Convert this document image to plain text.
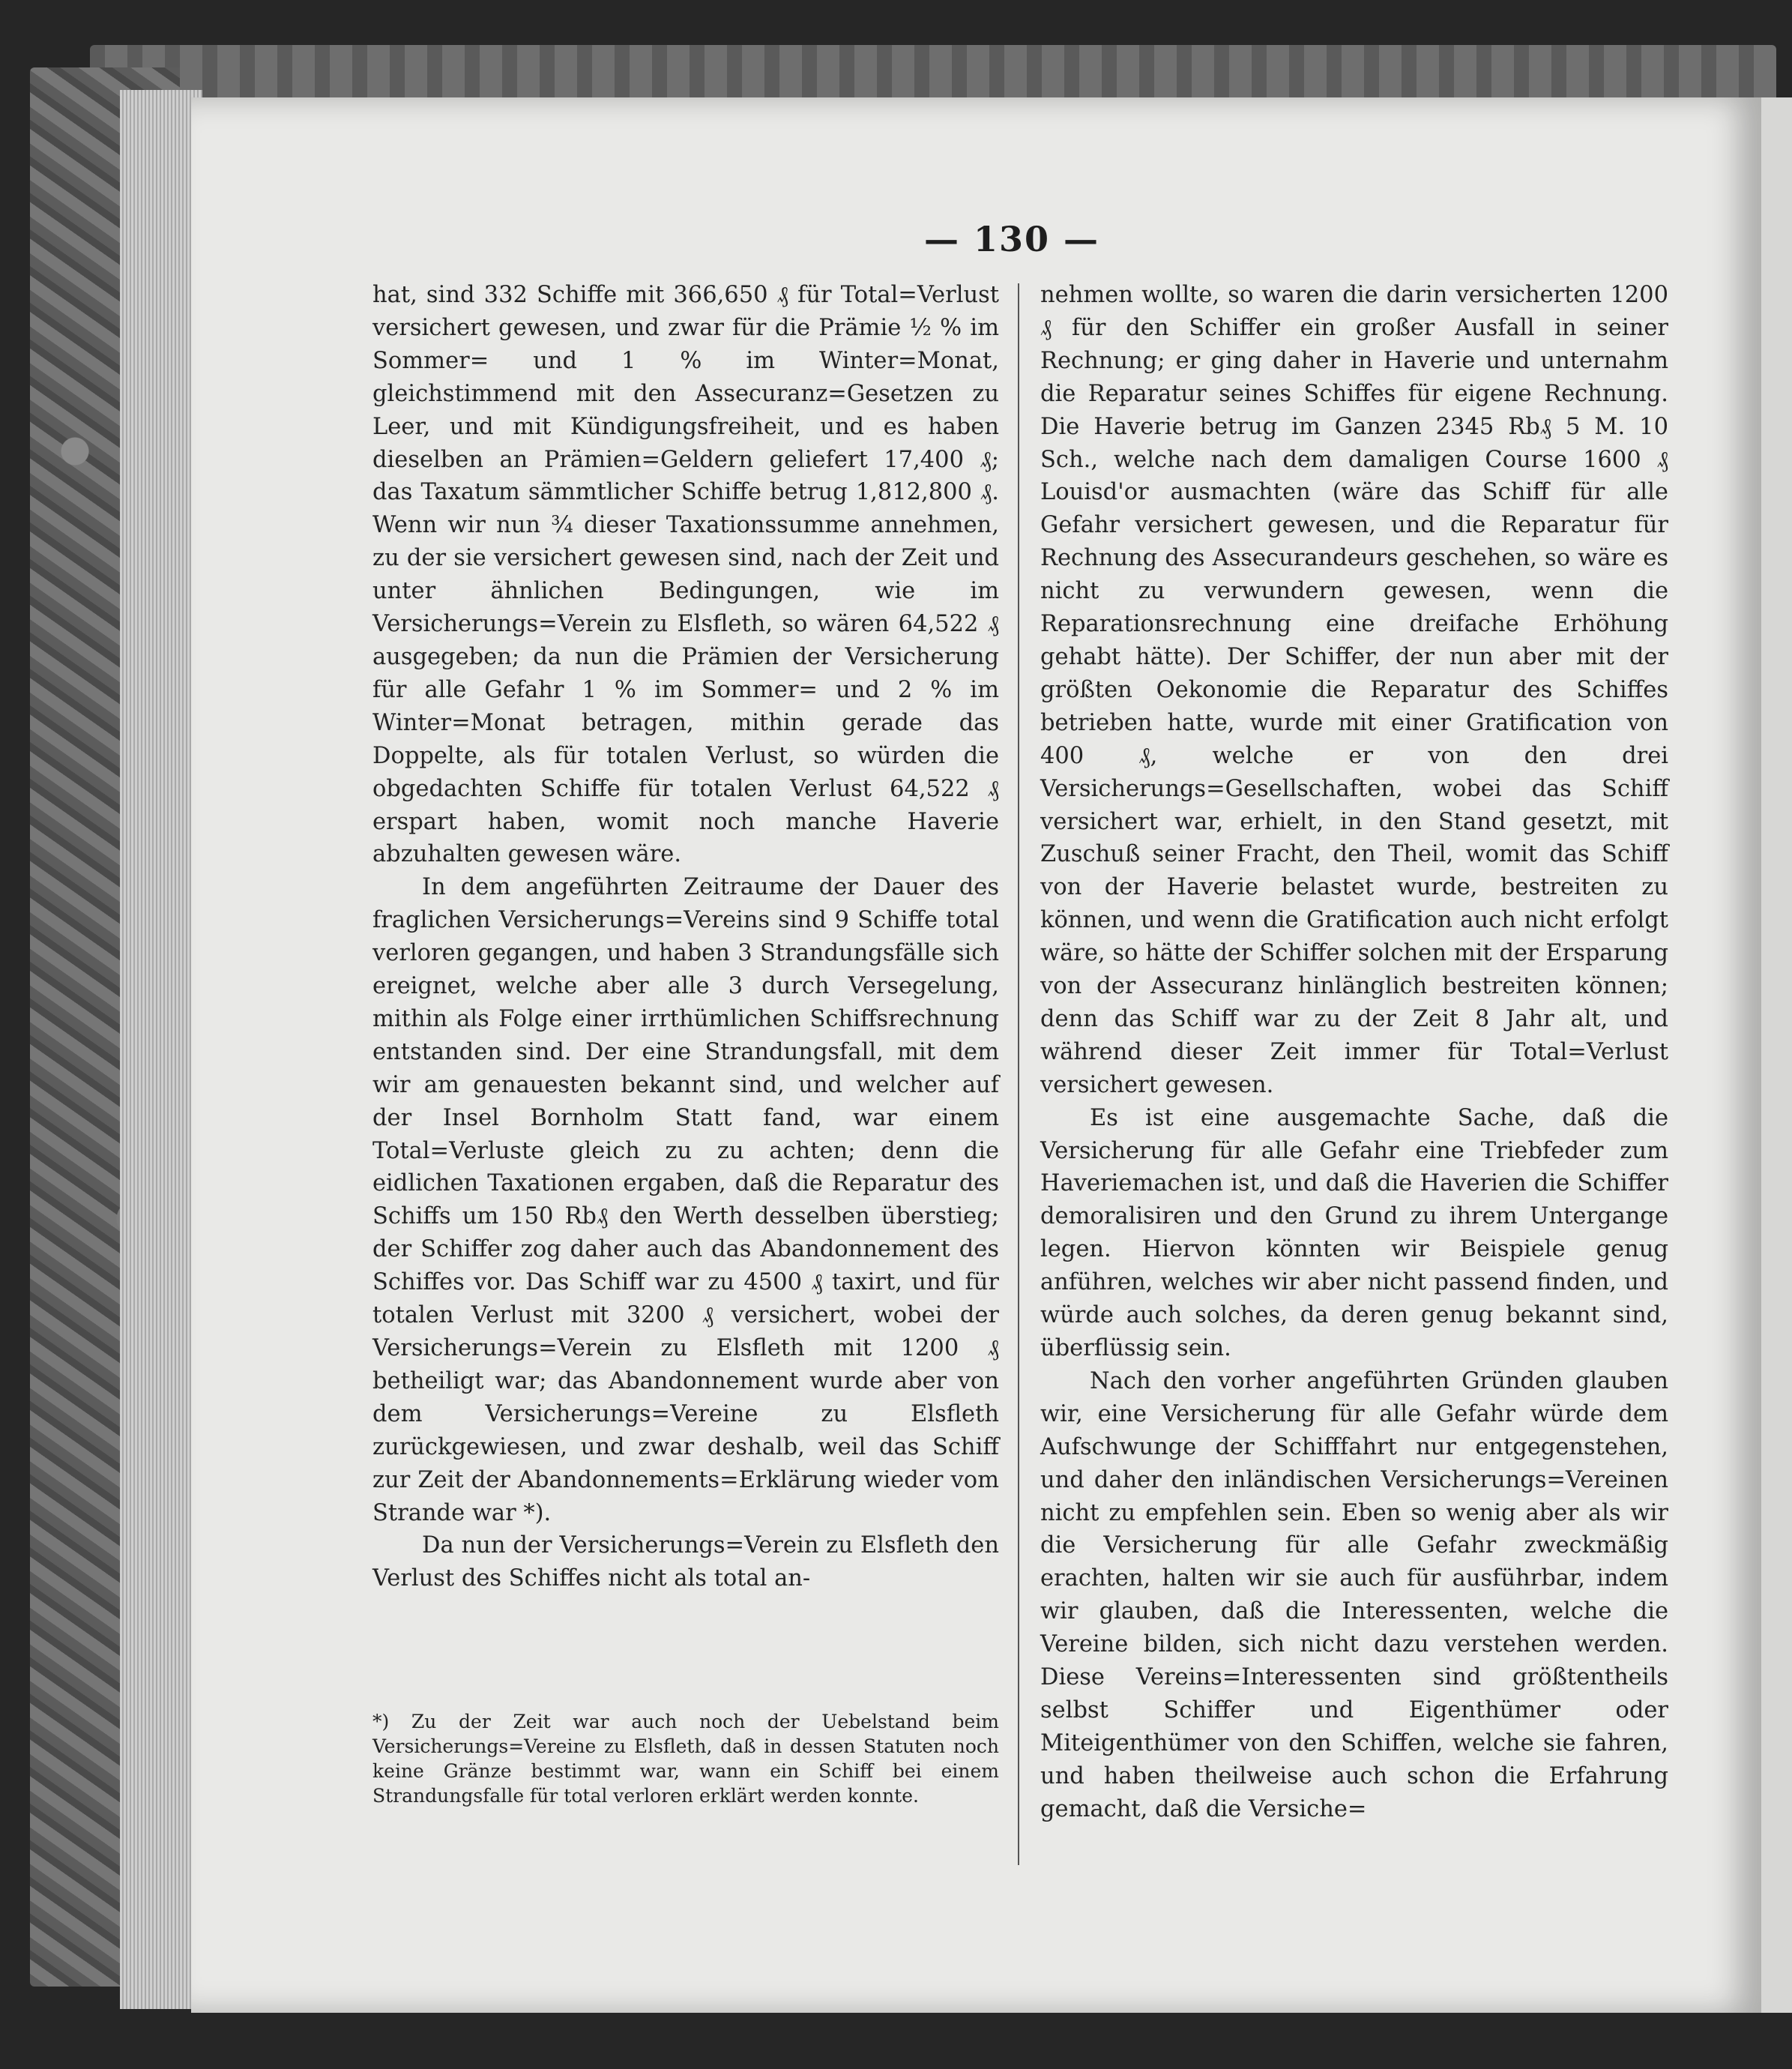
— 130 —

hat, sind 332 Schiffe mit 366,650 ₰ für Total=Verlust versichert gewesen, und zwar für die Prämie ½ % im Sommer= und 1 % im Winter=Monat, gleichstimmend mit den Assecuranz=Gesetzen zu Leer, und mit Kündigungsfreiheit, und es haben dieselben an Prämien=Geldern geliefert 17,400 ₰; das Taxatum sämmtlicher Schiffe betrug 1,812,800 ₰. Wenn wir nun ¾ dieser Taxationssumme annehmen, zu der sie versichert gewesen sind, nach der Zeit und unter ähnlichen Bedingungen, wie im Versicherungs=Verein zu Elsfleth, so wären 64,522 ₰ ausgegeben; da nun die Prämien der Versicherung für alle Gefahr 1 % im Sommer= und 2 % im Winter=Monat betragen, mithin gerade das Doppelte, als für totalen Verlust, so würden die obgedachten Schiffe für totalen Verlust 64,522 ₰ erspart haben, womit noch manche Haverie abzuhalten gewesen wäre.

In dem angeführten Zeitraume der Dauer des fraglichen Versicherungs=Vereins sind 9 Schiffe total verloren gegangen, und haben 3 Strandungsfälle sich ereignet, welche aber alle 3 durch Versegelung, mithin als Folge einer irrthümlichen Schiffsrechnung entstanden sind. Der eine Strandungsfall, mit dem wir am genauesten bekannt sind, und welcher auf der Insel Bornholm Statt fand, war einem Total=Verluste gleich zu zu achten; denn die eidlichen Taxationen ergaben, daß die Reparatur des Schiffs um 150 Rb₰ den Werth desselben überstieg; der Schiffer zog daher auch das Abandonnement des Schiffes vor. Das Schiff war zu 4500 ₰ taxirt, und für totalen Verlust mit 3200 ₰ versichert, wobei der Versicherungs=Verein zu Elsfleth mit 1200 ₰ betheiligt war; das Abandonnement wurde aber von dem Versicherungs=Vereine zu Elsfleth zurückgewiesen, und zwar deshalb, weil das Schiff zur Zeit der Abandonnements=Erklärung wieder vom Strande war *).

Da nun der Versicherungs=Verein zu Elsfleth den Verlust des Schiffes nicht als total an-

*) Zu der Zeit war auch noch der Uebelstand beim Versicherungs=Vereine zu Elsfleth, daß in dessen Statuten noch keine Gränze bestimmt war, wann ein Schiff bei einem Strandungsfalle für total verloren erklärt werden konnte.

nehmen wollte, so waren die darin versicherten 1200 ₰ für den Schiffer ein großer Ausfall in seiner Rechnung; er ging daher in Haverie und unternahm die Reparatur seines Schiffes für eigene Rechnung. Die Haverie betrug im Ganzen 2345 Rb₰ 5 M. 10 Sch., welche nach dem damaligen Course 1600 ₰ Louisd'or ausmachten (wäre das Schiff für alle Gefahr versichert gewesen, und die Reparatur für Rechnung des Assecurandeurs geschehen, so wäre es nicht zu verwundern gewesen, wenn die Reparationsrechnung eine dreifache Erhöhung gehabt hätte). Der Schiffer, der nun aber mit der größten Oekonomie die Reparatur des Schiffes betrieben hatte, wurde mit einer Gratification von 400 ₰, welche er von den drei Versicherungs=Gesellschaften, wobei das Schiff versichert war, erhielt, in den Stand gesetzt, mit Zuschuß seiner Fracht, den Theil, womit das Schiff von der Haverie belastet wurde, bestreiten zu können, und wenn die Gratification auch nicht erfolgt wäre, so hätte der Schiffer solchen mit der Ersparung von der Assecuranz hinlänglich bestreiten können; denn das Schiff war zu der Zeit 8 Jahr alt, und während dieser Zeit immer für Total=Verlust versichert gewesen.

Es ist eine ausgemachte Sache, daß die Versicherung für alle Gefahr eine Triebfeder zum Haveriemachen ist, und daß die Haverien die Schiffer demoralisiren und den Grund zu ihrem Untergange legen. Hiervon könnten wir Beispiele genug anführen, welches wir aber nicht passend finden, und würde auch solches, da deren genug bekannt sind, überflüssig sein.

Nach den vorher angeführten Gründen glauben wir, eine Versicherung für alle Gefahr würde dem Aufschwunge der Schifffahrt nur entgegenstehen, und daher den inländischen Versicherungs=Vereinen nicht zu empfehlen sein. Eben so wenig aber als wir die Versicherung für alle Gefahr zweckmäßig erachten, halten wir sie auch für ausführbar, indem wir glauben, daß die Interessenten, welche die Vereine bilden, sich nicht dazu verstehen werden. Diese Vereins=Interessenten sind größtentheils selbst Schiffer und Eigenthümer oder Miteigenthümer von den Schiffen, welche sie fahren, und haben theilweise auch schon die Erfahrung gemacht, daß die Versiche=
